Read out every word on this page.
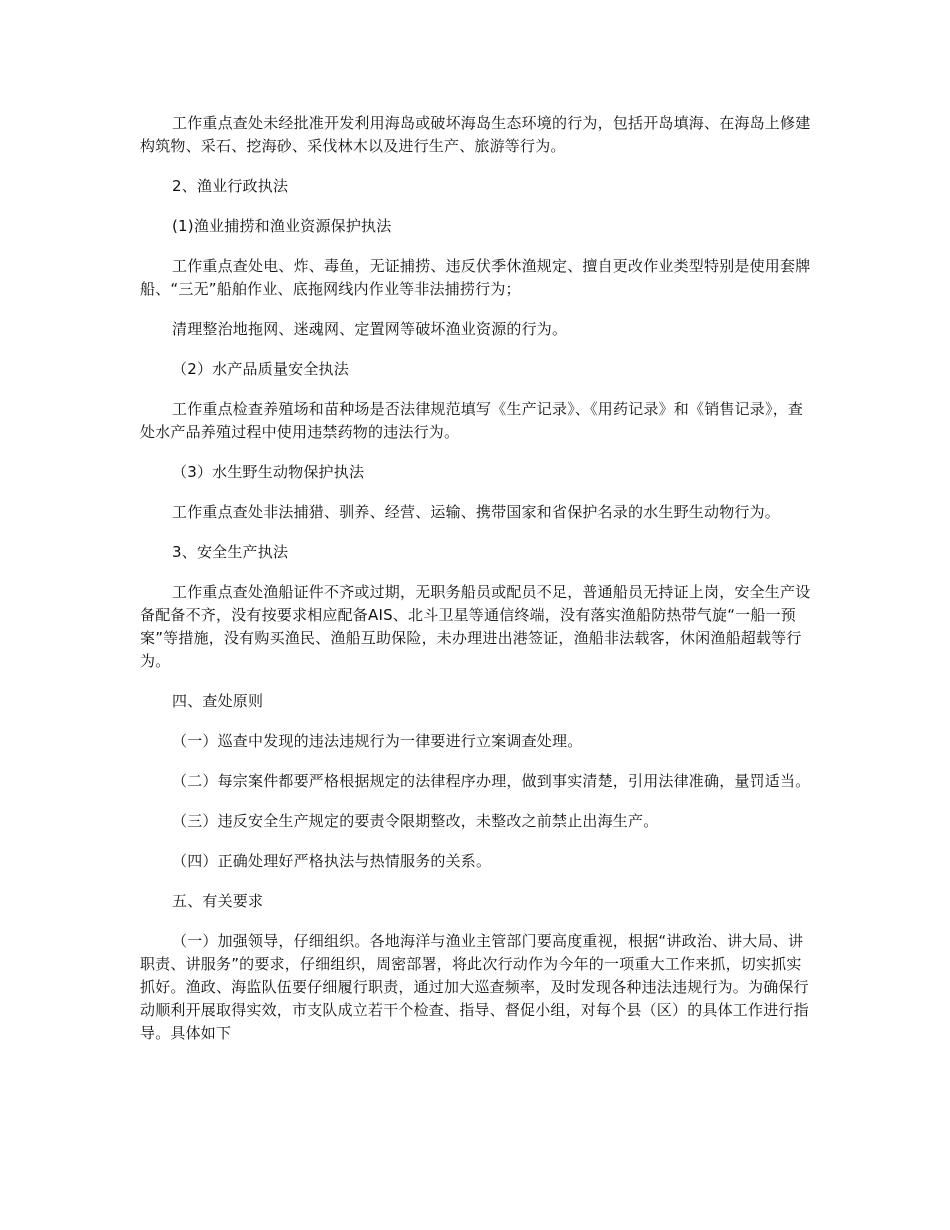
工作重点查处未经批准开发利用海岛或破坏海岛生态环境的行为，包括开岛填海、在海岛上修建构筑物、采石、挖海砂、采伐林木以及进行生产、旅游等行为。

2、渔业行政执法

(1)渔业捕捞和渔业资源保护执法

工作重点查处电、炸、毒鱼，无证捕捞、违反伏季休渔规定、擅自更改作业类型特别是使用套牌船、“三无”船舶作业、底拖网线内作业等非法捕捞行为；

清理整治地拖网、迷魂网、定置网等破坏渔业资源的行为。

（2）水产品质量安全执法

工作重点检查养殖场和苗种场是否法律规范填写《生产记录》、《用药记录》和《销售记录》，查处水产品养殖过程中使用违禁药物的违法行为。

（3）水生野生动物保护执法

工作重点查处非法捕猎、驯养、经营、运输、携带国家和省保护名录的水生野生动物行为。

3、安全生产执法

工作重点查处渔船证件不齐或过期，无职务船员或配员不足，普通船员无持证上岗，安全生产设备配备不齐，没有按要求相应配备AIS、北斗卫星等通信终端，没有落实渔船防热带气旋“一船一预案”等措施，没有购买渔民、渔船互助保险，未办理进出港签证，渔船非法载客，休闲渔船超载等行为。

四、查处原则

（一）巡查中发现的违法违规行为一律要进行立案调查处理。

（二）每宗案件都要严格根据规定的法律程序办理，做到事实清楚，引用法律准确，量罚适当。

（三）违反安全生产规定的要责令限期整改，未整改之前禁止出海生产。

（四）正确处理好严格执法与热情服务的关系。

五、有关要求

（一）加强领导，仔细组织。各地海洋与渔业主管部门要高度重视，根据“讲政治、讲大局、讲职责、讲服务”的要求，仔细组织，周密部署，将此次行动作为今年的一项重大工作来抓，切实抓实抓好。渔政、海监队伍要仔细履行职责，通过加大巡查频率，及时发现各种违法违规行为。为确保行动顺利开展取得实效，市支队成立若干个检查、指导、督促小组，对每个县（区）的具体工作进行指导。具体如下
